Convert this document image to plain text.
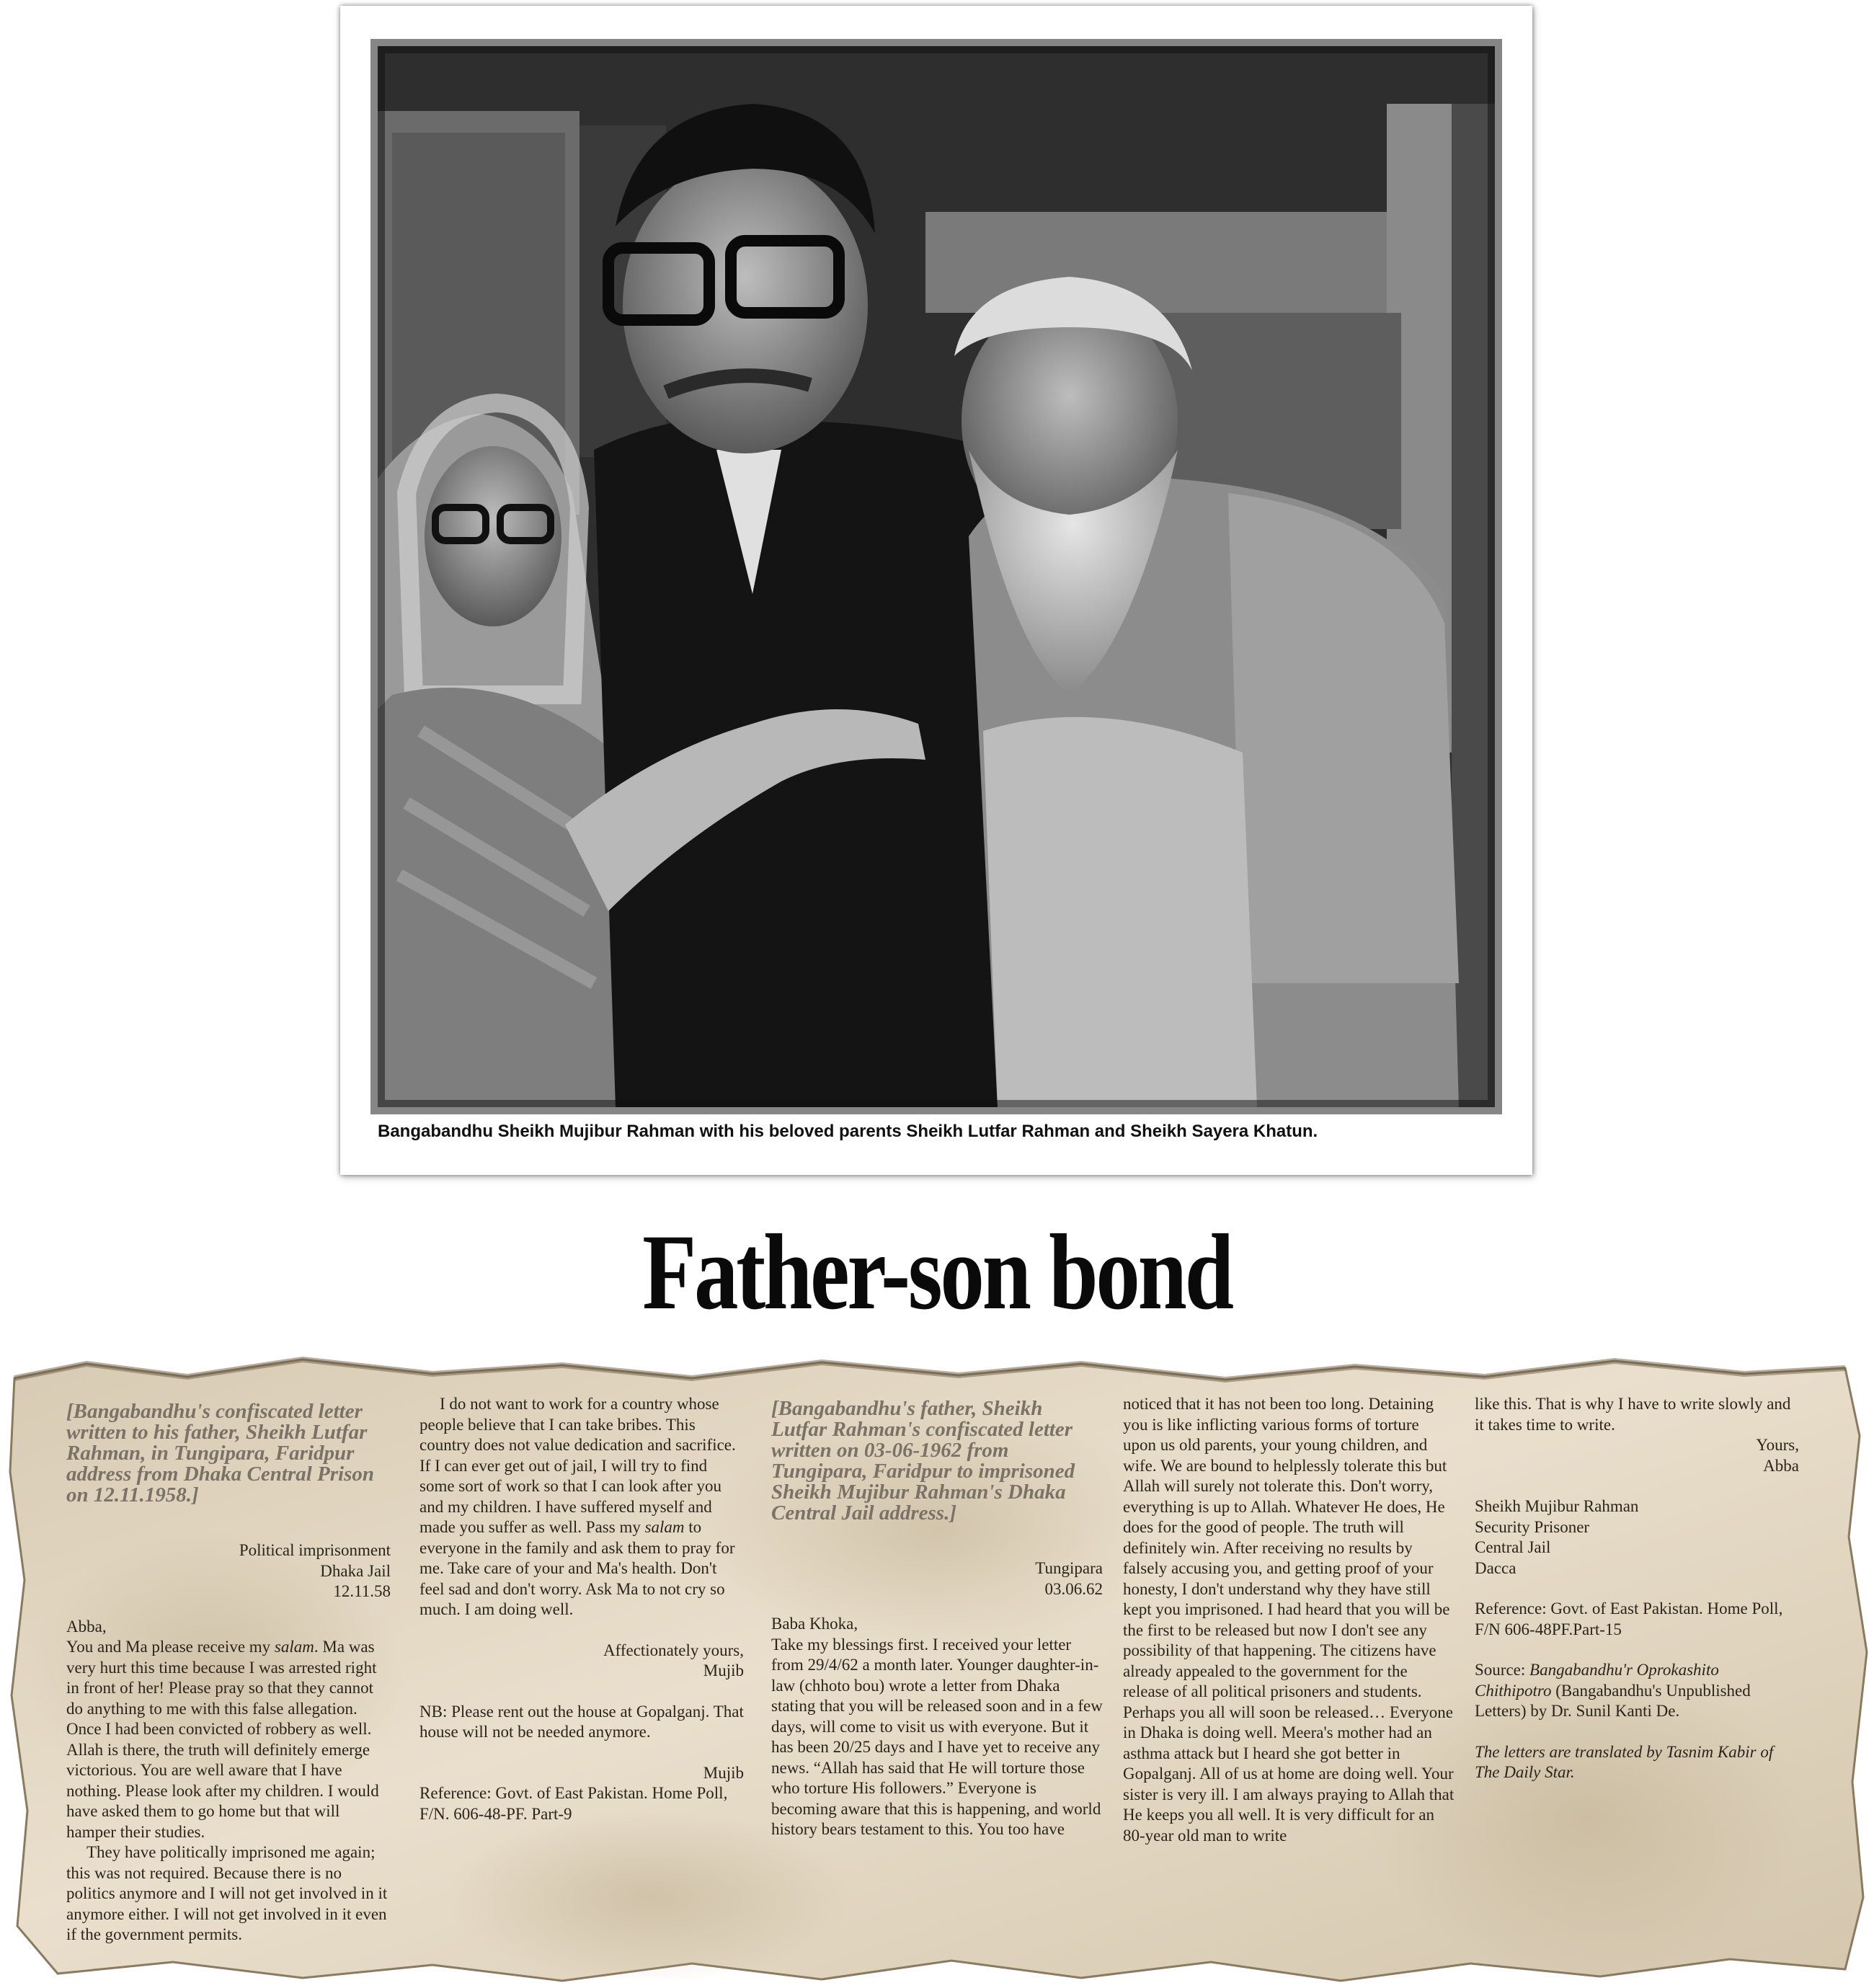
Bangabandhu Sheikh Mujibur Rahman with his beloved parents Sheikh Lutfar Rahman and Sheikh Sayera Khatun.
Father-son bond

[Bangabandhu's confiscated letter written to his father, Sheikh Lutfar Rahman, in Tungipara, Faridpur address from Dhaka Central Prison on 12.11.1958.]

Political imprisonment

Dhaka Jail

12.11.58

Abba,

You and Ma please receive my salam. Ma was very hurt this time because I was arrested right in front of her! Please pray so that they cannot do anything to me with this false allegation. Once I had been convicted of robbery as well. Allah is there, the truth will definitely emerge victorious. You are well aware that I have nothing. Please look after my children. I would have asked them to go home but that will hamper their studies.

They have politically imprisoned me again; this was not required. Because there is no politics anymore and I will not get involved in it anymore either. I will not get involved in it even if the government permits.

I do not want to work for a country whose people believe that I can take bribes. This country does not value dedication and sacrifice. If I can ever get out of jail, I will try to find some sort of work so that I can look after you and my children. I have suffered myself and made you suffer as well. Pass my salam to everyone in the family and ask them to pray for me. Take care of your and Ma's health. Don't feel sad and don't worry. Ask Ma to not cry so much. I am doing well.

Affectionately yours,

Mujib

NB: Please rent out the house at Gopalganj. That house will not be needed anymore.

Mujib

Reference: Govt. of East Pakistan. Home Poll, F/N. 606-48-PF. Part-9

[Bangabandhu's father, Sheikh Lutfar Rahman's confiscated letter written on 03-06-1962 from Tungipara, Faridpur to imprisoned Sheikh Mujibur Rahman's Dhaka Central Jail address.]

Tungipara

03.06.62

Baba Khoka,

Take my blessings first. I received your letter from 29/4/62 a month later. Younger daughter-in-law (chhoto bou) wrote a letter from Dhaka stating that you will be released soon and in a few days, will come to visit us with everyone. But it has been 20/25 days and I have yet to receive any news. “Allah has said that He will torture those who torture His followers.” Everyone is becoming aware that this is happening, and world history bears testament to this. You too have

noticed that it has not been too long. Detaining you is like inflicting various forms of torture upon us old parents, your young children, and wife. We are bound to helplessly tolerate this but Allah will surely not tolerate this. Don't worry, everything is up to Allah. Whatever He does, He does for the good of people. The truth will definitely win. After receiving no results by falsely accusing you, and getting proof of your honesty, I don't understand why they have still kept you imprisoned. I had heard that you will be the first to be released but now I don't see any possibility of that happening. The citizens have already appealed to the government for the release of all political prisoners and students. Perhaps you all will soon be released… Everyone in Dhaka is doing well. Meera's mother had an asthma attack but I heard she got better in Gopalganj. All of us at home are doing well. Your sister is very ill. I am always praying to Allah that He keeps you all well. It is very difficult for an 80-year old man to write

like this. That is why I have to write slowly and it takes time to write.

Yours,

Abba

Sheikh Mujibur Rahman

Security Prisoner

Central Jail

Dacca

Reference: Govt. of East Pakistan. Home Poll, F/N 606-48PF.Part-15

Source: Bangabandhu'r Oprokashito Chithipotro (Bangabandhu's Unpublished Letters) by Dr. Sunil Kanti De.

The letters are translated by Tasnim Kabir of The Daily Star.
